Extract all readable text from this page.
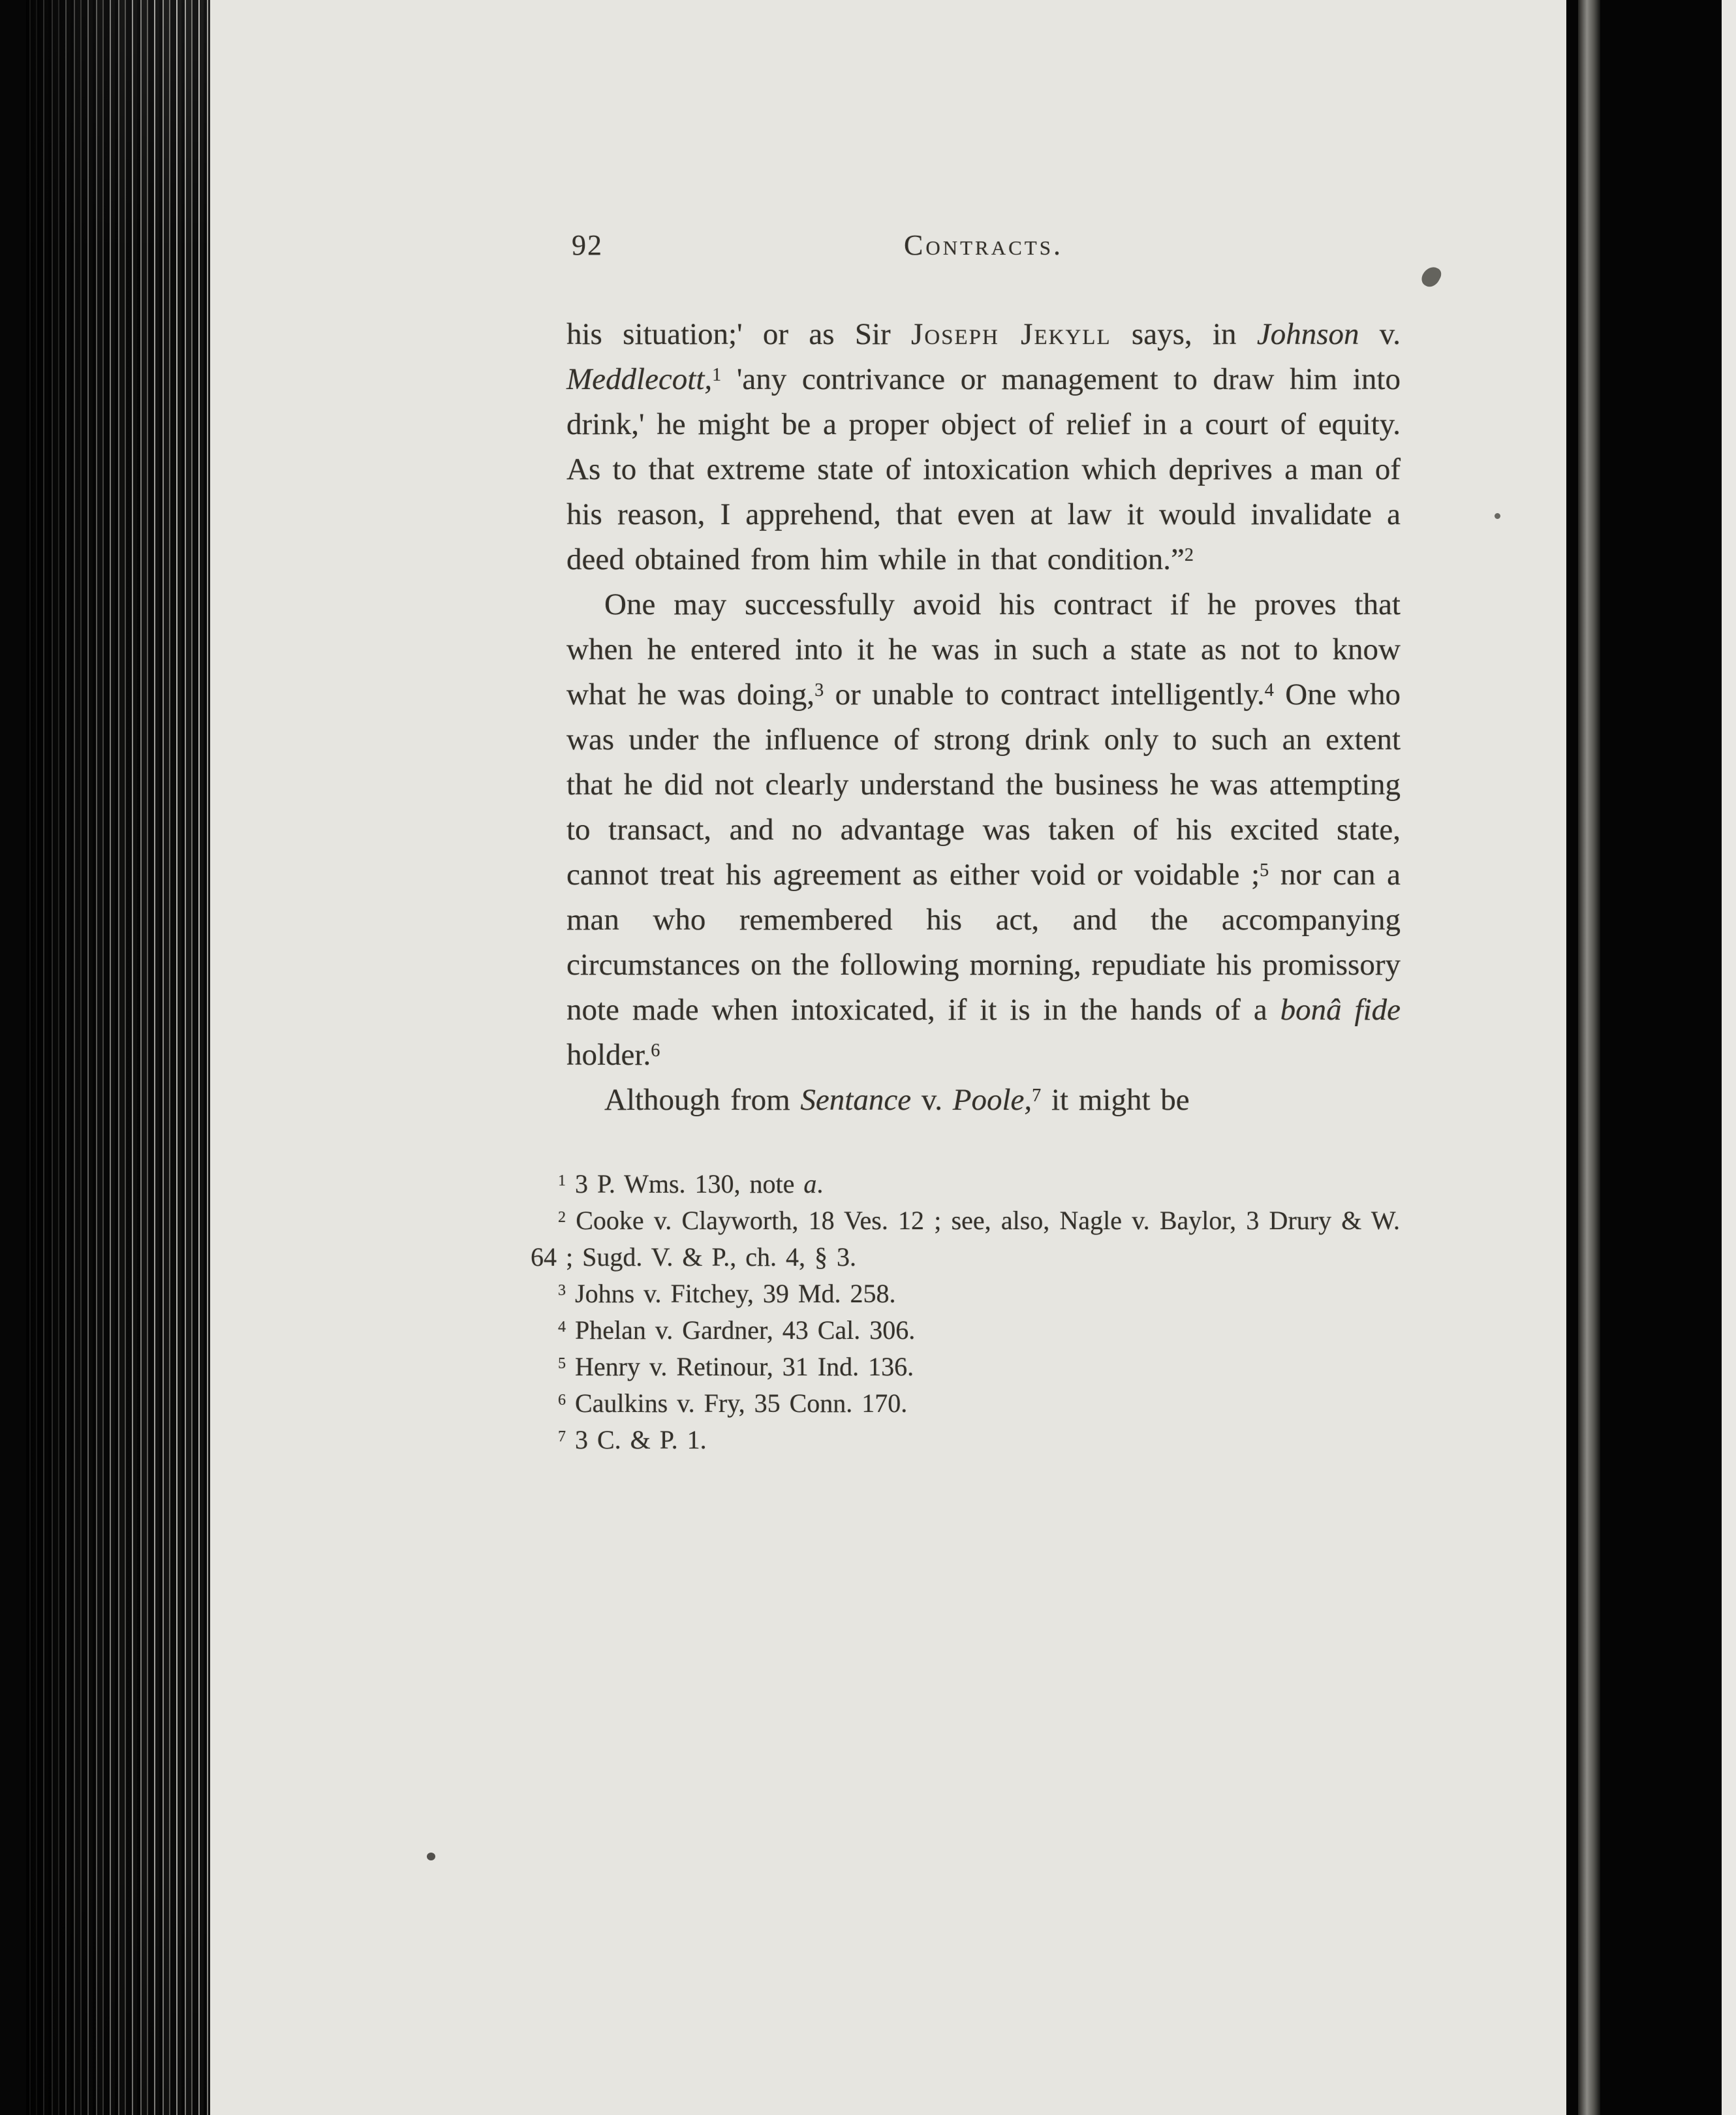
92	Contracts.

his situation;' or as Sir Joseph Jekyll says, in Johnson v. Meddlecott,$^1$ 'any contrivance or management to draw him into drink,' he might be a proper object of relief in a court of equity. As to that extreme state of intoxication which deprives a man of his reason, I apprehend, that even at law it would invalidate a deed obtained from him while in that condition.”$^2$

One may successfully avoid his contract if he proves that when he entered into it he was in such a state as not to know what he was doing,$^3$ or unable to contract intelligently.$^4$ One who was under the influence of strong drink only to such an extent that he did not clearly understand the business he was attempting to transact, and no advantage was taken of his excited state, cannot treat his agreement as either void or voidable ;$^5$ nor can a man who remembered his act, and the accompanying circumstances on the following morning, repudiate his promissory note made when intoxicated, if it is in the hands of a bonâ fide holder.$^6$

Although from Sentance v. Poole,$^7$ it might be

$^1$ 3 P. Wms. 130, note a.

$^2$ Cooke v. Clayworth, 18 Ves. 12 ; see, also, Nagle v. Baylor, 3 Drury & W. 64 ; Sugd. V. & P., ch. 4, § 3.

$^3$ Johns v. Fitchey, 39 Md. 258.

$^4$ Phelan v. Gardner, 43 Cal. 306.

$^5$ Henry v. Retinour, 31 Ind. 136.

$^6$ Caulkins v. Fry, 35 Conn. 170.

$^7$ 3 C. & P. 1.
